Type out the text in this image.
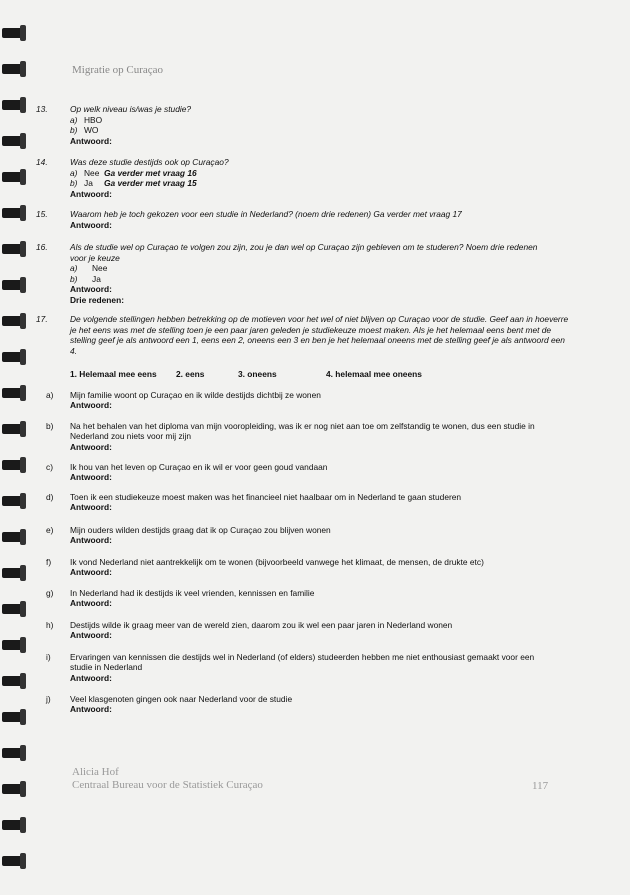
Migratie op Curaçao
13.	Op welk niveau is/was je studie?
a) HBO
b) WO
Antwoord:
14.	Was deze studie destijds ook op Curaçao?
a) Nee Ga verder met vraag 16
b) Ja	Ga verder met vraag 15
Antwoord:
15.	Waarom heb je toch gekozen voor een studie in Nederland? (noem drie redenen) Ga verder met vraag 17
Antwoord:
16.	Als de studie wel op Curaçao te volgen zou zijn, zou je dan wel op Curaçao zijn gebleven om te studeren? Noem drie redenen voor je keuze
a)	Nee
b)	Ja
Antwoord:
Drie redenen:
17.	De volgende stellingen hebben betrekking op de motieven voor het wel of niet blijven op Curaçao voor de studie. Geef aan in hoeverre je het eens was met de stelling toen je een paar jaren geleden je studiekeuze moest maken. Als je het helemaal eens bent met de stelling geef je als antwoord een 1, eens een 2, oneens een 3 en ben je het helemaal oneens met de stelling geef je als antwoord een 4.
1. Helemaal mee eens 2. eens	3. oneens	4. helemaal mee oneens
a) Mijn familie woont op Curaçao en ik wilde destijds dichtbij ze wonen
Antwoord:
b) Na het behalen van het diploma van mijn vooropleiding, was ik er nog niet aan toe om zelfstandig te wonen, dus een studie in Nederland zou niets voor mij zijn
Antwoord:
c) Ik hou van het leven op Curaçao en ik wil er voor geen goud vandaan
Antwoord:
d) Toen ik een studiekeuze moest maken was het financieel niet haalbaar om in Nederland te gaan studeren
Antwoord:
e) Mijn ouders wilden destijds graag dat ik op Curaçao zou blijven wonen
Antwoord:
f) Ik vond Nederland niet aantrekkelijk om te wonen (bijvoorbeeld vanwege het klimaat, de mensen, de drukte etc)
Antwoord:
g) In Nederland had ik destijds ik veel vrienden, kennissen en familie
Antwoord:
h) Destijds wilde ik graag meer van de wereld zien, daarom zou ik wel een paar jaren in Nederland wonen
Antwoord:
i) Ervaringen van kennissen die destijds wel in Nederland (of elders) studeerden hebben me niet enthousiast gemaakt voor een studie in Nederland
Antwoord:
j) Veel klasgenoten gingen ook naar Nederland voor de studie
Antwoord:
Alicia Hof
Centraal Bureau voor de Statistiek Curaçao	117
